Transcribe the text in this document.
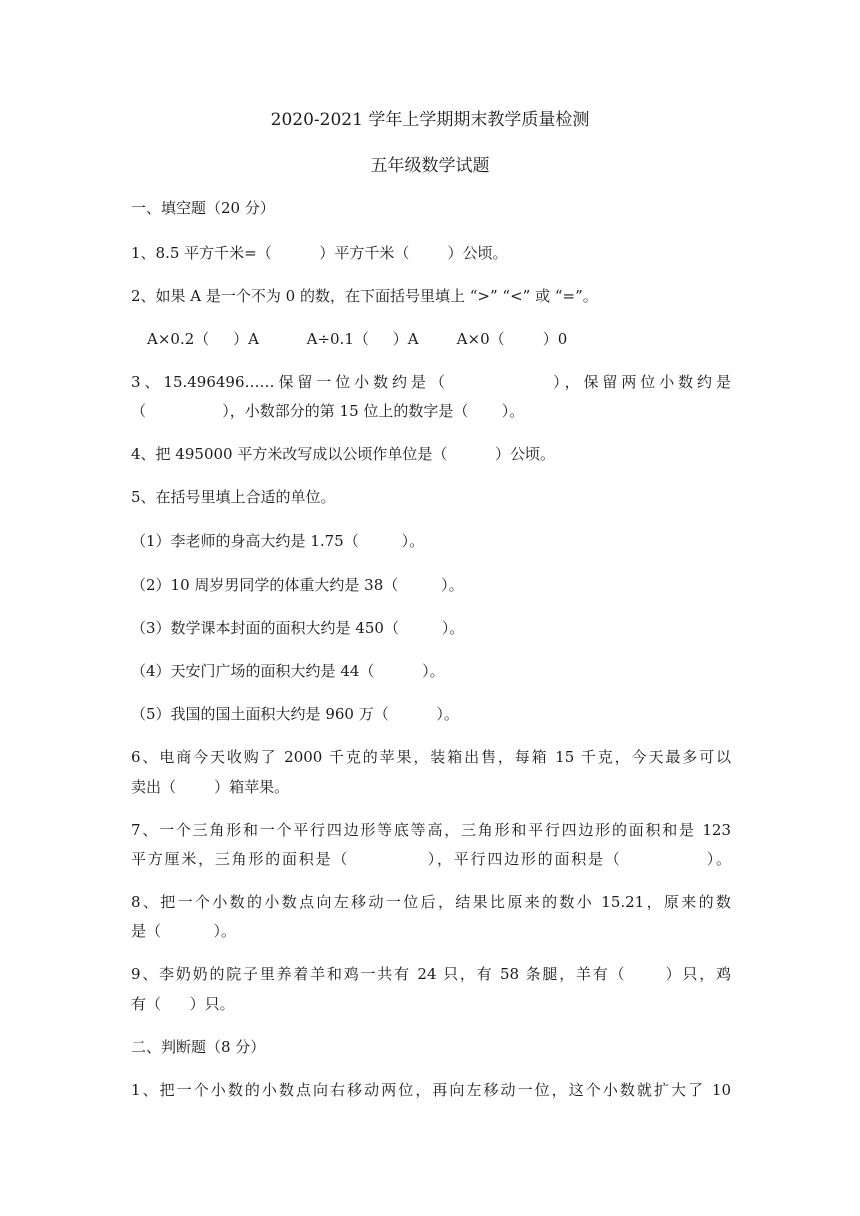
2020-2021 学年上学期期末教学质量检测
五年级数学试题
一、填空题（20 分）
1、8.5 平方千米=（          ）平方千米（        ）公顷。
2、如果 A 是一个不为 0 的数，在下面括号里填上 “>” “<” 或 “=”。
A×0.2（     ）A          A÷0.1（     ）A        A×0（        ）0
3、15.496496……保留一位小数约是（            ），保留两位小数约是
（                ），小数部分的第 15 位上的数字是（       ）。
4、把 495000 平方米改写成以公顷作单位是（          ）公顷。
5、在括号里填上合适的单位。
（1）李老师的身高大约是 1.75（         ）。
（2）10 周岁男同学的体重大约是 38（         ）。
（3）数学课本封面的面积大约是 450（         ）。
（4）天安门广场的面积大约是 44（          ）。
（5）我国的国土面积大约是 960 万（          ）。
6、电商今天收购了 2000 千克的苹果，装箱出售，每箱 15 千克，今天最多可以
卖出（        ）箱苹果。
7、一个三角形和一个平行四边形等底等高，三角形和平行四边形的面积和是 123
平方厘米，三角形的面积是（            ），平行四边形的面积是（             ）。
8、把一个小数的小数点向左移动一位后，结果比原来的数小 15.21，原来的数
是（           ）。
9、李奶奶的院子里养着羊和鸡一共有 24 只，有 58 条腿，羊有（      ）只，鸡
有（      ）只。
二、判断题（8 分）
1、把一个小数的小数点向右移动两位，再向左移动一位，这个小数就扩大了 10
